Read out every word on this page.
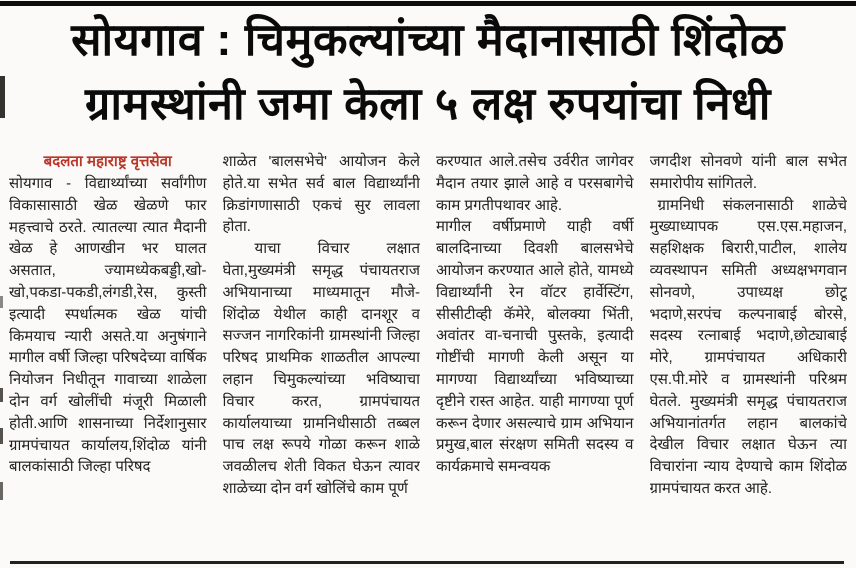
सोयगाव : चिमुकल्यांच्या मैदानासाठी शिंदोळ
ग्रामस्थांनी जमा केला ५ लक्ष रुपयांचा निधी

बदलता महाराष्ट्र वृत्तसेवा

सोयगाव - विद्यार्थ्यांच्या सर्वांगीण विकासासाठी खेळ खेळणे फार महत्त्वाचे ठरते. त्यातल्या त्यात मैदानी खेळ हे आणखीन भर घालत असतात, ज्यामध्येकबड्डी,खो-खो,पकडा-पकडी,लंगडी,रेस, कुस्ती इत्यादी स्पर्धात्मक खेळ यांची किमयाच न्यारी असते.या अनुषंगाने मागील वर्षी जिल्हा परिषदेच्या वार्षिक नियोजन निधीतून गावाच्या शाळेला दोन वर्ग खोलींची मंजूरी मिळाली होती.आणि शासनाच्या निर्देशानुसार ग्रामपंचायत कार्यालय,शिंदोळ यांनी बालकांसाठी जिल्हा परिषद

शाळेत 'बालसभेचे' आयोजन केले होते.या सभेत सर्व बाल विद्यार्थ्यांनी क्रिडांगणासाठी एकचं सुर लावला होता.

याचा विचार लक्षात घेता,मुख्यमंत्री समृद्ध पंचायतराज अभियानाच्या माध्यमातून मौजे-शिंदोळ येथील काही दानशूर व सज्जन नागरिकांनी ग्रामस्थांनी जिल्हा परिषद प्राथमिक शाळतील आपल्या लहान चिमुकल्यांच्या भविष्याचा विचार करत, ग्रामपंचायत कार्यालयाच्या ग्रामनिधीसाठी तब्बल पाच लक्ष रूपये गोळा करून शाळे जवळीलच शेती विकत घेऊन त्यावर शाळेच्या दोन वर्ग खोलिंचे काम पूर्ण

करण्यात आले.तसेच उर्वरीत जागेवर मैदान तयार झाले आहे व परसबागेचे काम प्रगतीपथावर आहे.

मागील वर्षीप्रमाणे याही वर्षी बालदिनाच्या दिवशी बालसभेचे आयोजन करण्यात आले होते, यामध्ये विद्यार्थ्यांनी रेन वॉटर हार्वेस्टिंग, सीसीटीव्ही कॅमेरे, बोलक्या भिंती, अवांतर वा-चनाची पुस्तके, इत्यादी गोष्टींची मागणी केली असून या मागण्या विद्यार्थ्यांच्या भविष्याच्या दृष्टीने रास्त आहेत. याही मागण्या पूर्ण करून देणार असल्याचे ग्राम अभियान प्रमुख,बाल संरक्षण समिती सदस्य व कार्यक्रमाचे समन्वयक

जगदीश सोनवणे यांनी बाल सभेत समारोपीय सांगितले.

ग्रामनिधी संकलनासाठी शाळेचे मुख्याध्यापक एस.एस.महाजन, सहशिक्षक बिरारी,पाटील, शालेय व्यवस्थापन समिती अध्यक्षभगवान सोनवणे, उपाध्यक्ष छोटू भदाणे,सरपंच कल्पनाबाई बोरसे, सदस्य रत्नाबाई भदाणे,छोट्याबाई मोरे, ग्रामपंचायत अधिकारी एस.पी.मोरे व ग्रामस्थांनी परिश्रम घेतले. मुख्यमंत्री समृद्ध पंचायतराज अभियानांतर्गत लहान बालकांचे देखील विचार लक्षात घेऊन त्या विचारांना न्याय देण्याचे काम शिंदोळ ग्रामपंचायत करत आहे.
